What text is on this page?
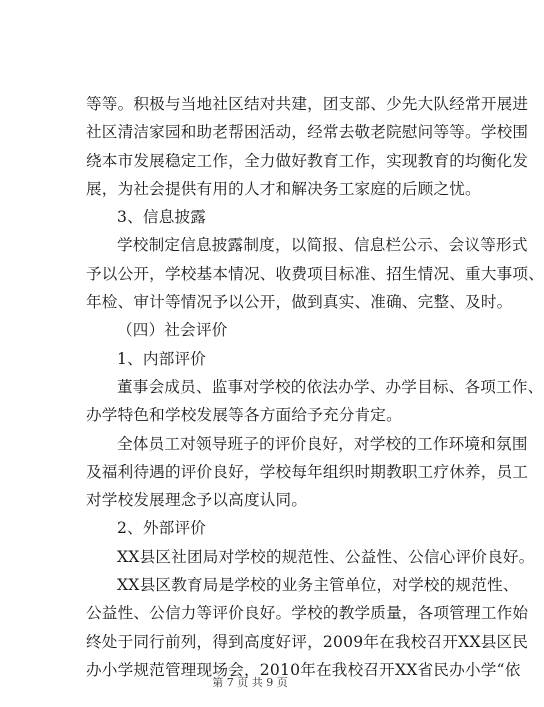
等等。积极与当地社区结对共建，团支部、少先大队经常开展进
社区清洁家园和助老帮困活动，经常去敬老院慰问等等。学校围
绕本市发展稳定工作，全力做好教育工作，实现教育的均衡化发
展，为社会提供有用的人才和解决务工家庭的后顾之忧。
3、信息披露
学校制定信息披露制度，以简报、信息栏公示、会议等形式
予以公开，学校基本情况、收费项目标准、招生情况、重大事项、
年检、审计等情况予以公开，做到真实、准确、完整、及时。
（四）社会评价
1、内部评价
董事会成员、监事对学校的依法办学、办学目标、各项工作、
办学特色和学校发展等各方面给予充分肯定。
全体员工对领导班子的评价良好，对学校的工作环境和氛围
及福利待遇的评价良好，学校每年组织时期教职工疗休养，员工
对学校发展理念予以高度认同。
2、外部评价
XX县区社团局对学校的规范性、公益性、公信心评价良好。
XX县区教育局是学校的业务主管单位，对学校的规范性、
公益性、公信力等评价良好。学校的教学质量，各项管理工作始
终处于同行前列，得到高度好评，2009年在我校召开XX县区民
办小学规范管理现场会，2010年在我校召开XX省民办小学“依

第 7 页 共 9 页
